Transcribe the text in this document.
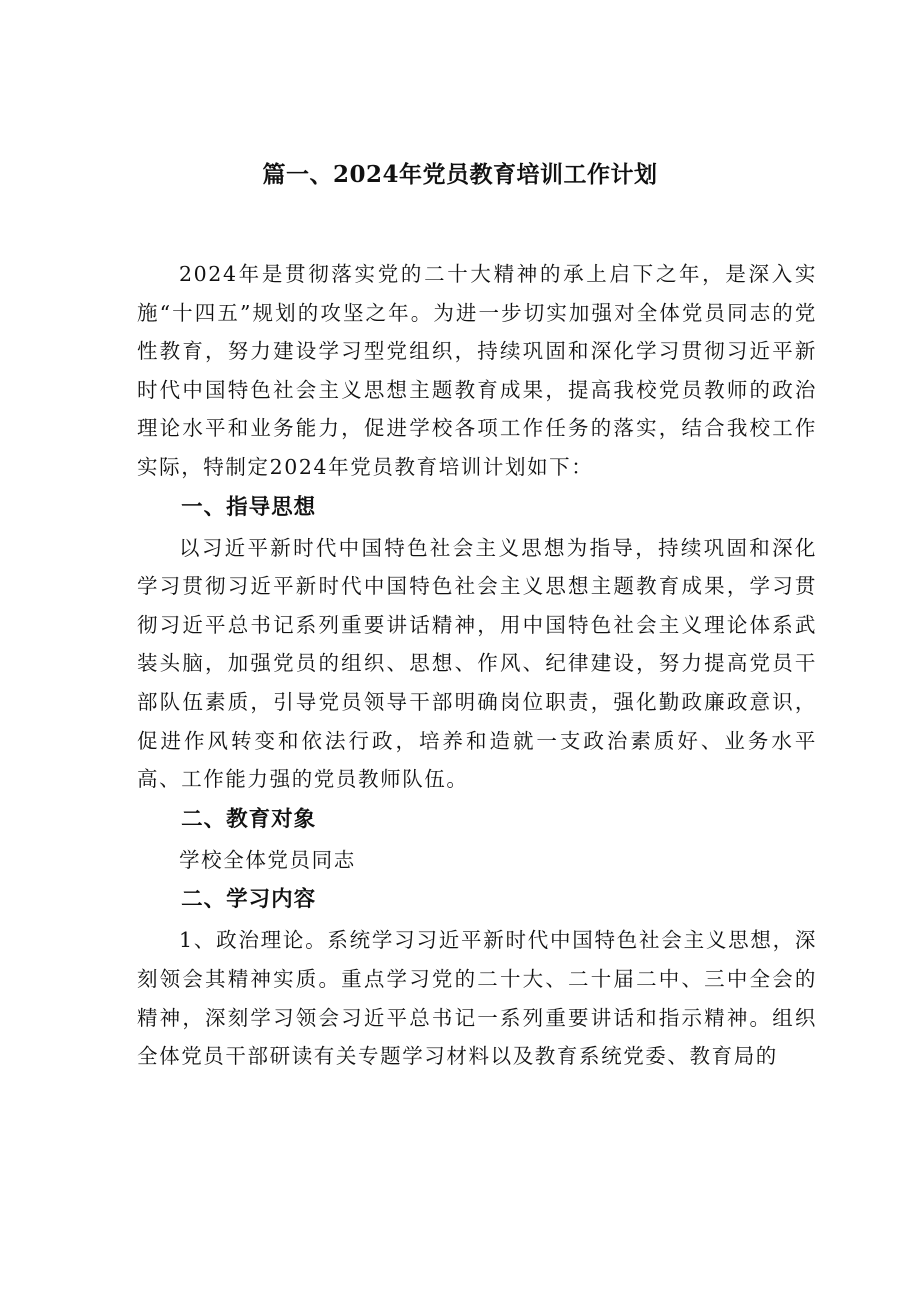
篇一、2024年党员教育培训工作计划

2024年是贯彻落实党的二十大精神的承上启下之年，是深入实施“十四五”规划的攻坚之年。为进一步切实加强对全体党员同志的党性教育，努力建设学习型党组织，持续巩固和深化学习贯彻习近平新时代中国特色社会主义思想主题教育成果，提高我校党员教师的政治理论水平和业务能力，促进学校各项工作任务的落实，结合我校工作实际，特制定2024年党员教育培训计划如下：

一、指导思想

以习近平新时代中国特色社会主义思想为指导，持续巩固和深化学习贯彻习近平新时代中国特色社会主义思想主题教育成果，学习贯彻习近平总书记系列重要讲话精神，用中国特色社会主义理论体系武装头脑，加强党员的组织、思想、作风、纪律建设，努力提高党员干部队伍素质，引导党员领导干部明确岗位职责，强化勤政廉政意识，促进作风转变和依法行政，培养和造就一支政治素质好、业务水平高、工作能力强的党员教师队伍。

二、教育对象

学校全体党员同志

二、学习内容

1、政治理论。系统学习习近平新时代中国特色社会主义思想，深刻领会其精神实质。重点学习党的二十大、二十届二中、三中全会的精神，深刻学习领会习近平总书记一系列重要讲话和指示精神。组织全体党员干部研读有关专题学习材料以及教育系统党委、教育局的
